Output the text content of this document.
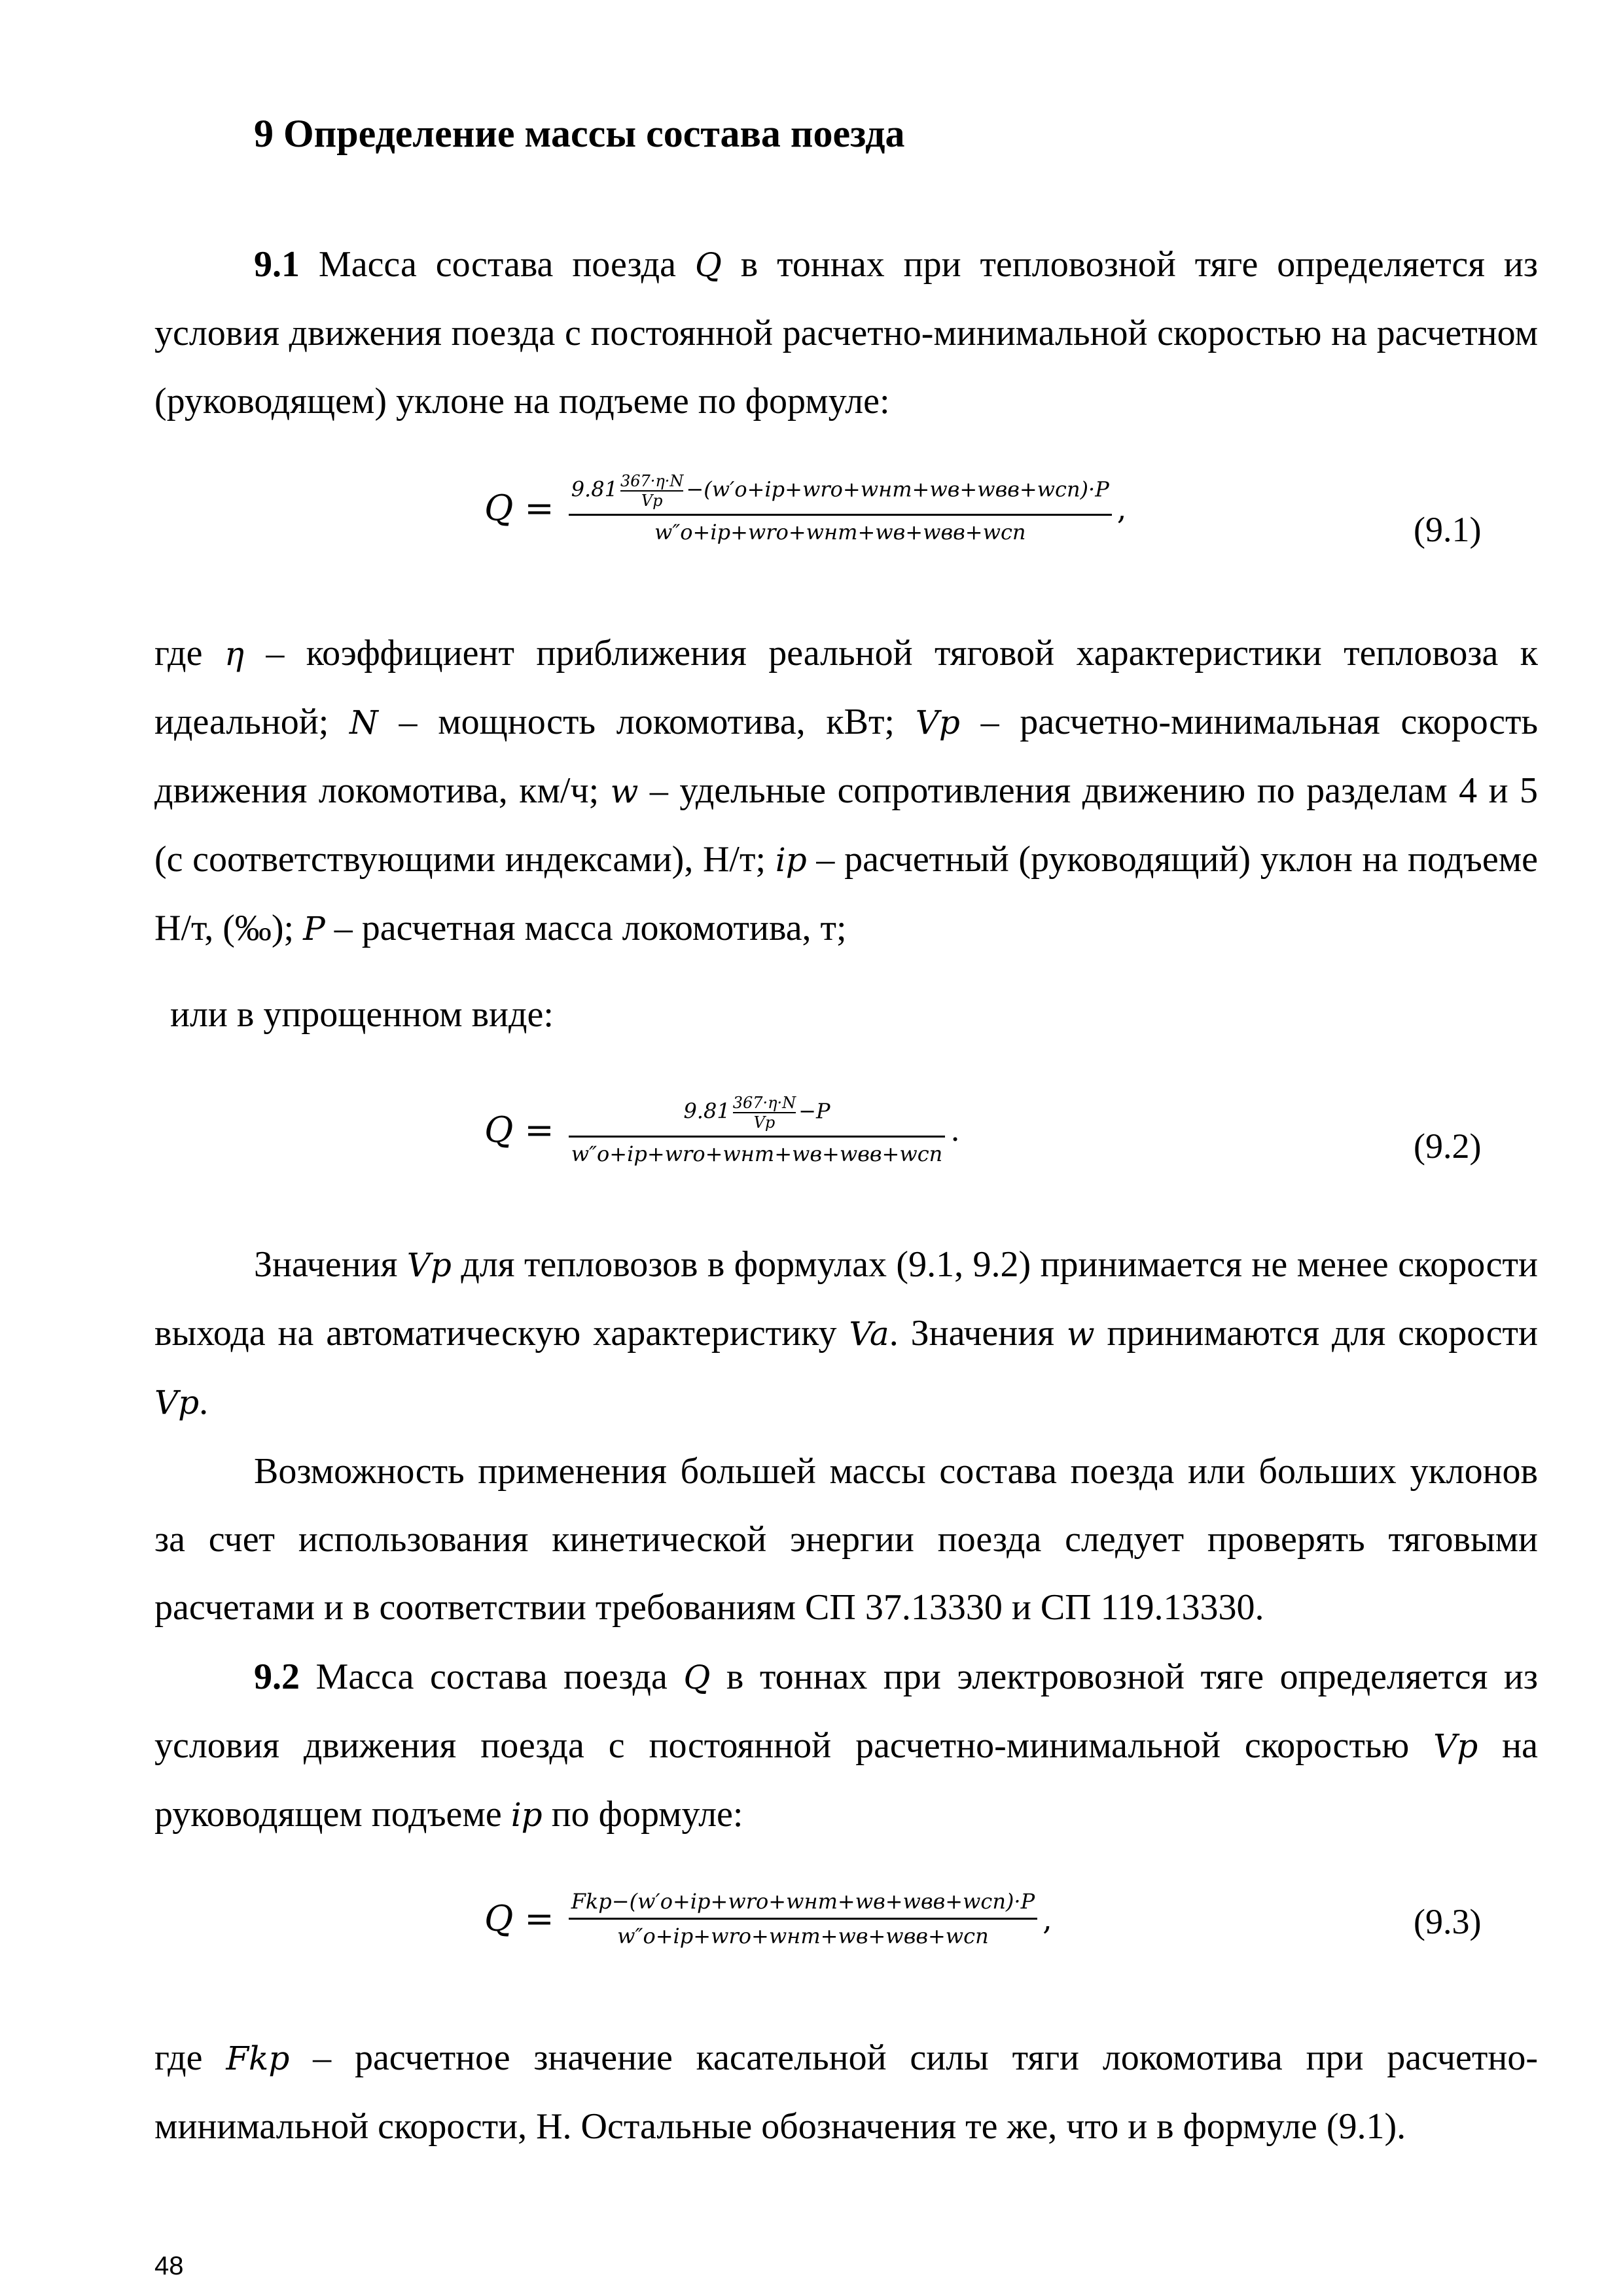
9 Определение массы состава поезда

9.1 Масса состава поезда Q в тоннах при тепловозной тяге определяется из условия движения поезда с постоянной расчетно-минимальной скоростью на расчетном (руководящем) уклоне на подъеме по формуле:

$Q = \frac{9.81 \frac{367\cdot\eta\cdot N}{Vp} -(w'o+ip+wro+wнm+wв+wвв+wcn)\cdot P}{\text{w″o+ip+wro+wнm+wв+wвв+wcn}}$ ,
(9.1)

где η – коэффициент приближения реальной тяговой характеристики тепловоза к идеальной; N – мощность локомотива, кВт; Vp – расчетно-минимальная скорость движения локомотива, км/ч; w – удельные сопротивления движению по разделам 4 и 5 (с соответствующими индексами), Н/т; ip – расчетный (руководящий) уклон на подъеме Н/т, (‰); P – расчетная масса локомотива, т;

или в упрощенном виде:
$Q = \frac{9.81 \frac{367\cdot\eta\cdot N}{Vp} -P}{\text{w″o+ip+wro+wнm+wв+wвв+wcn}}$ .	(9.2)

Значения Vp для тепловозов в формулах (9.1, 9.2) принимается не менее скорости выхода на автоматическую характеристику Va. Значения w принимаются для скорости Vp.

Возможность применения большей массы состава поезда или больших уклонов за счет использования кинетической энергии поезда следует проверять тяговыми расчетами и в соответствии требованиям СП 37.13330 и СП 119.13330.

9.2 Масса состава поезда Q в тоннах при электровозной тяге определяется из условия движения поезда с постоянной расчетно-минимальной скоростью Vp на руководящем подъеме ip по формуле:

$Q = \frac{\text{Fkp−(w′o+ip+wro+wнm+wв+wвв+wcn)·P}}{\text{w″o+ip+wro+wнm+wв+wвв+wcn}}$ ,	(9.3)

где Fkp – расчетное значение касательной силы тяги локомотива при расчетно-минимальной скорости, Н. Остальные обозначения те же, что и в формуле (9.1).

48
